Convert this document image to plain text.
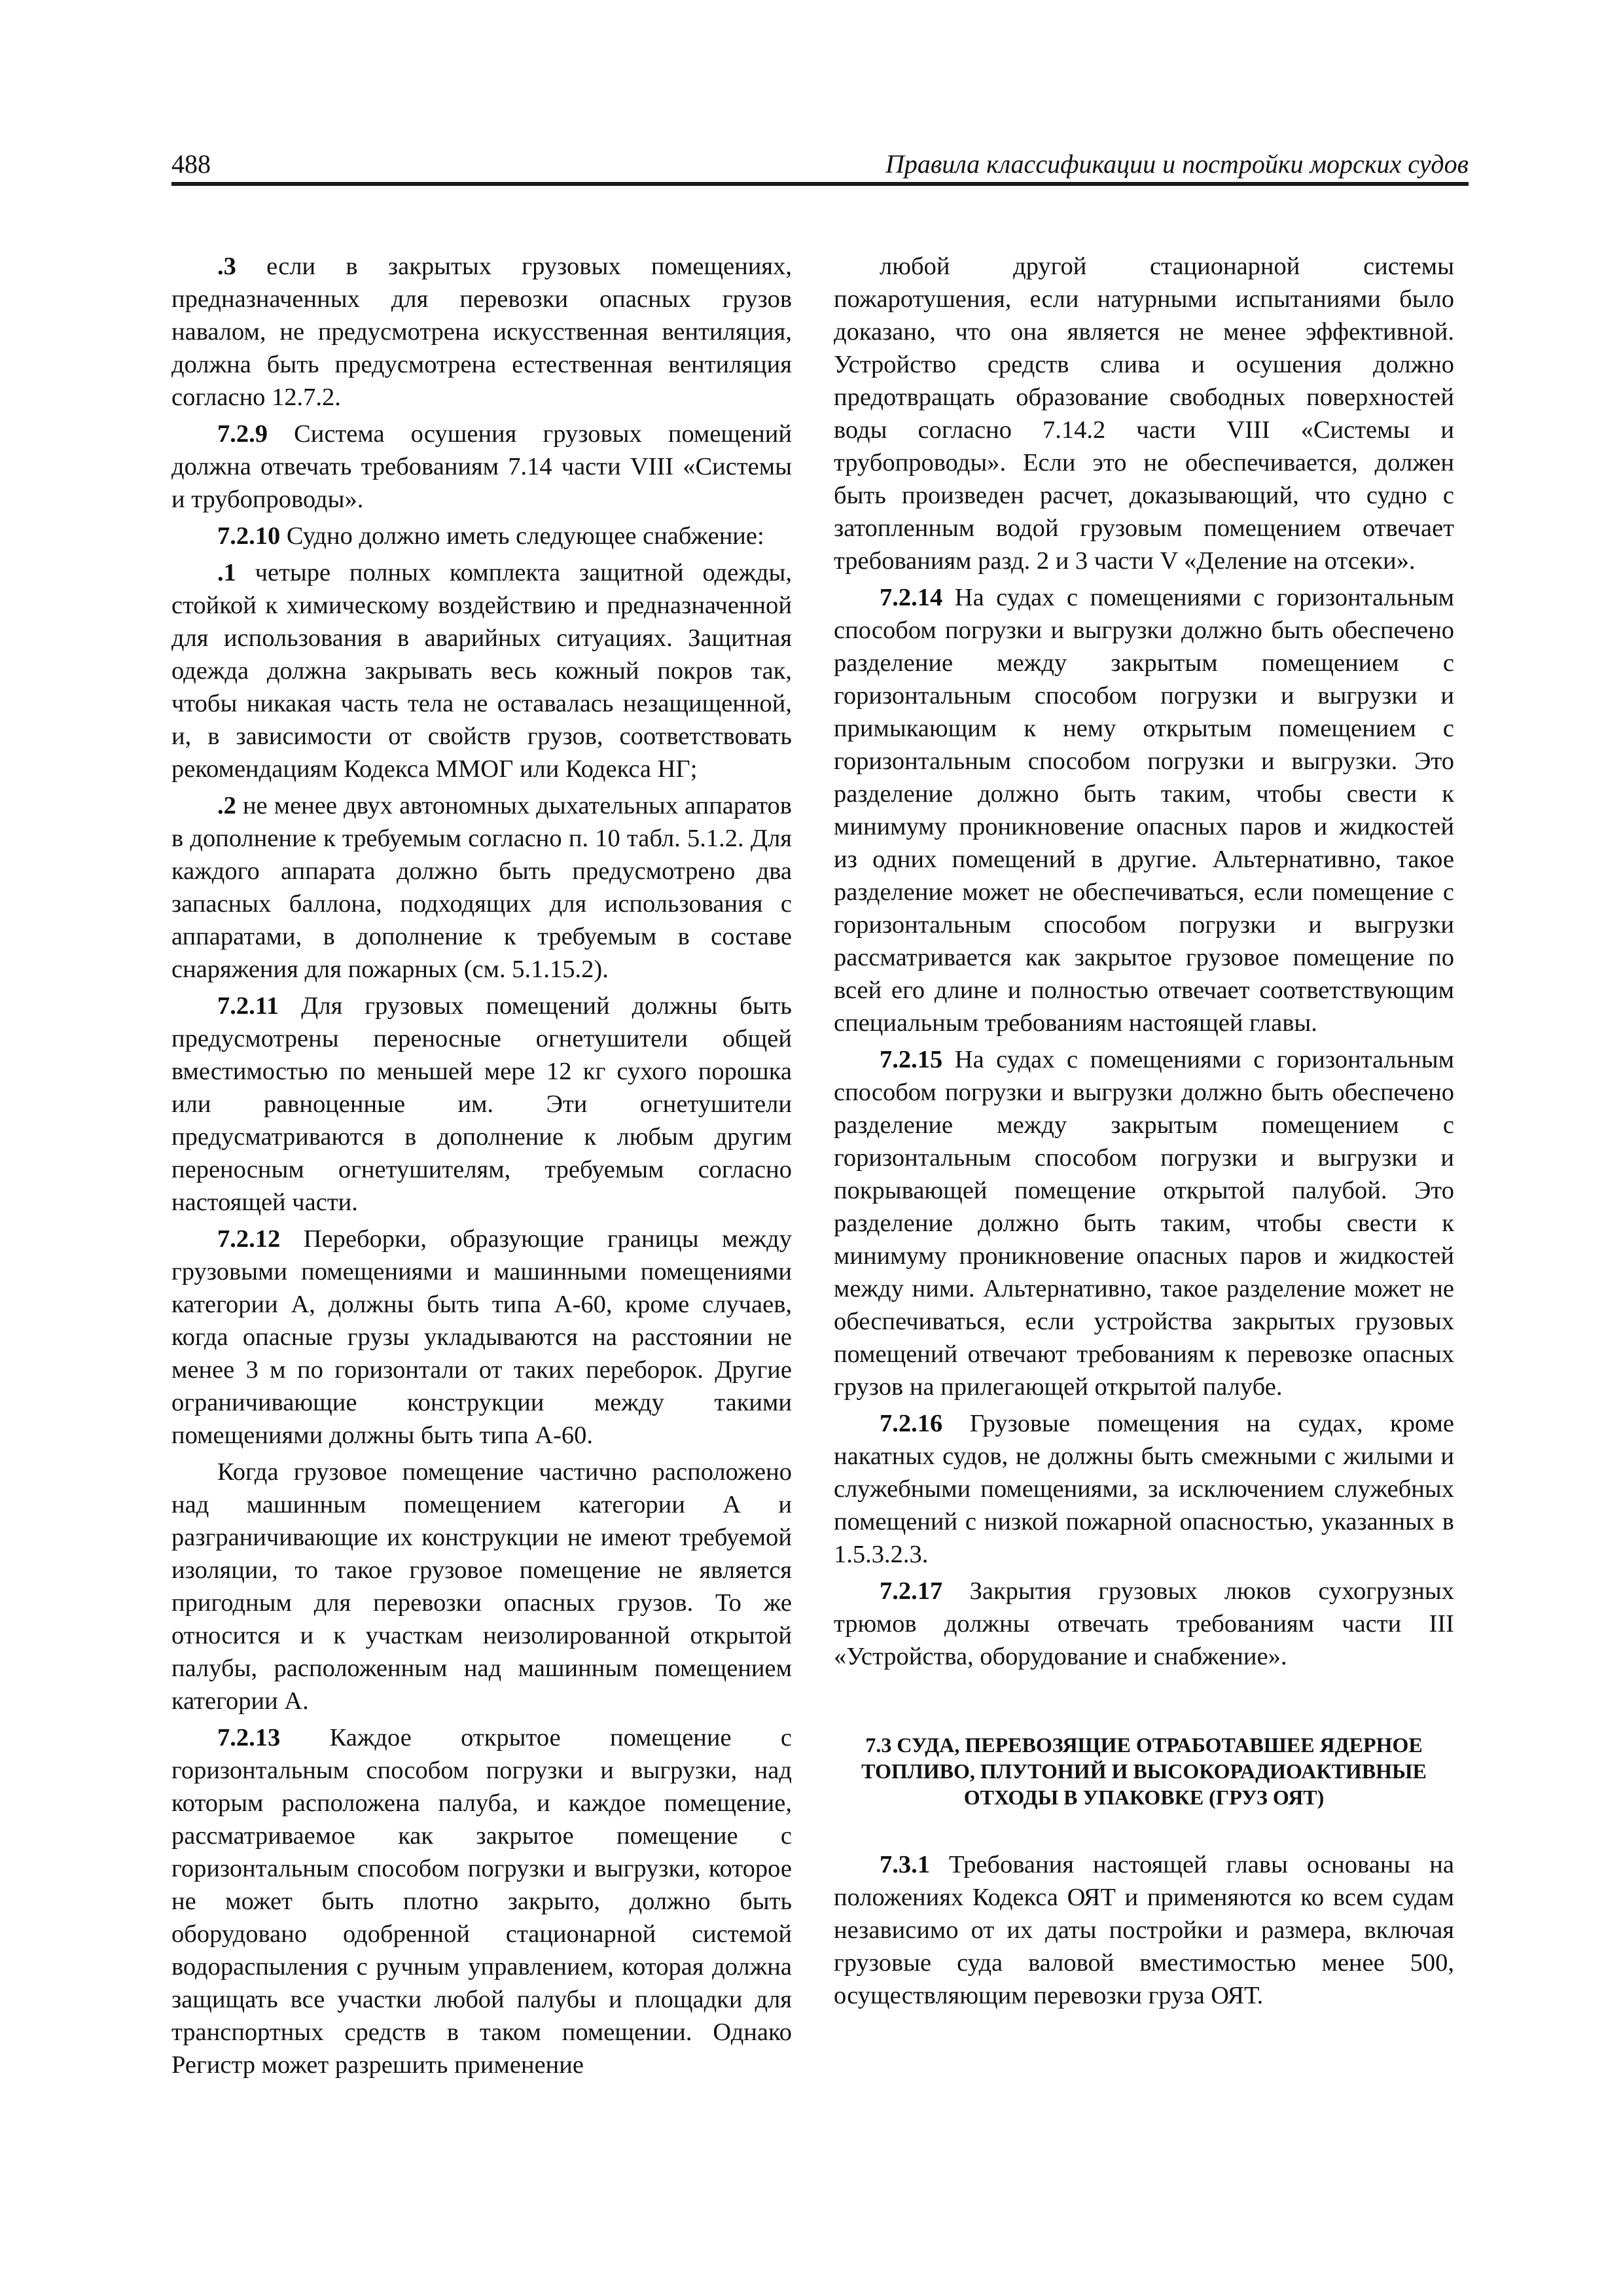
488	Правила классификации и постройки морских судов

.3 если в закрытых грузовых помещениях, предназначенных для перевозки опасных грузов навалом, не предусмотрена искусственная вентиляция, должна быть предусмотрена естественная вентиляция согласно 12.7.2.

7.2.9 Система осушения грузовых помещений должна отвечать требованиям 7.14 части VIII «Системы и трубопроводы».

7.2.10 Судно должно иметь следующее снабжение:

.1 четыре полных комплекта защитной одежды, стойкой к химическому воздействию и предназначенной для использования в аварийных ситуациях. Защитная одежда должна закрывать весь кожный покров так, чтобы никакая часть тела не оставалась незащищенной, и, в зависимости от свойств грузов, соответствовать рекомендациям Кодекса ММОГ или Кодекса НГ;

.2 не менее двух автономных дыхательных аппаратов в дополнение к требуемым согласно п. 10 табл. 5.1.2. Для каждого аппарата должно быть предусмотрено два запасных баллона, подходящих для использования с аппаратами, в дополнение к требуемым в составе снаряжения для пожарных (см. 5.1.15.2).

7.2.11 Для грузовых помещений должны быть предусмотрены переносные огнетушители общей вместимостью по меньшей мере 12 кг сухого порошка или равноценные им. Эти огнетушители предусматриваются в дополнение к любым другим переносным огнетушителям, требуемым согласно настоящей части.

7.2.12 Переборки, образующие границы между грузовыми помещениями и машинными помещениями категории А, должны быть типа А-60, кроме случаев, когда опасные грузы укладываются на расстоянии не менее 3 м по горизонтали от таких переборок. Другие ограничивающие конструкции между такими помещениями должны быть типа А-60.

Когда грузовое помещение частично расположено над машинным помещением категории А и разграничивающие их конструкции не имеют требуемой изоляции, то такое грузовое помещение не является пригодным для перевозки опасных грузов. То же относится и к участкам неизолированной открытой палубы, расположенным над машинным помещением категории А.

7.2.13 Каждое открытое помещение с горизонтальным способом погрузки и выгрузки, над которым расположена палуба, и каждое помещение, рассматриваемое как закрытое помещение с горизонтальным способом погрузки и выгрузки, которое не может быть плотно закрыто, должно быть оборудовано одобренной стационарной системой водораспыления с ручным управлением, которая должна защищать все участки любой палубы и площадки для транспортных средств в таком помещении. Однако Регистр может разрешить применение

любой другой стационарной системы пожаротушения, если натурными испытаниями было доказано, что она является не менее эффективной. Устройство средств слива и осушения должно предотвращать образование свободных поверхностей воды согласно 7.14.2 части VIII «Системы и трубопроводы». Если это не обеспечивается, должен быть произведен расчет, доказывающий, что судно с затопленным водой грузовым помещением отвечает требованиям разд. 2 и 3 части V «Деление на отсеки».

7.2.14 На судах с помещениями с горизонтальным способом погрузки и выгрузки должно быть обеспечено разделение между закрытым помещением с горизонтальным способом погрузки и выгрузки и примыкающим к нему открытым помещением с горизонтальным способом погрузки и выгрузки. Это разделение должно быть таким, чтобы свести к минимуму проникновение опасных паров и жидкостей из одних помещений в другие. Альтернативно, такое разделение может не обеспечиваться, если помещение с горизонтальным способом погрузки и выгрузки рассматривается как закрытое грузовое помещение по всей его длине и полностью отвечает соответствующим специальным требованиям настоящей главы.

7.2.15 На судах с помещениями с горизонтальным способом погрузки и выгрузки должно быть обеспечено разделение между закрытым помещением с горизонтальным способом погрузки и выгрузки и покрывающей помещение открытой палубой. Это разделение должно быть таким, чтобы свести к минимуму проникновение опасных паров и жидкостей между ними. Альтернативно, такое разделение может не обеспечиваться, если устройства закрытых грузовых помещений отвечают требованиям к перевозке опасных грузов на прилегающей открытой палубе.

7.2.16 Грузовые помещения на судах, кроме накатных судов, не должны быть смежными с жилыми и служебными помещениями, за исключением служебных помещений с низкой пожарной опасностью, указанных в 1.5.3.2.3.

7.2.17 Закрытия грузовых люков сухогрузных трюмов должны отвечать требованиям части III «Устройства, оборудование и снабжение».

7.3 СУДА, ПЕРЕВОЗЯЩИЕ ОТРАБОТАВШЕЕ ЯДЕРНОЕ ТОПЛИВО, ПЛУТОНИЙ И ВЫСОКОРАДИОАКТИВНЫЕ ОТХОДЫ В УПАКОВКЕ (ГРУЗ ОЯТ)

7.3.1 Требования настоящей главы основаны на положениях Кодекса ОЯТ и применяются ко всем судам независимо от их даты постройки и размера, включая грузовые суда валовой вместимостью менее 500, осуществляющим перевозки груза ОЯТ.
